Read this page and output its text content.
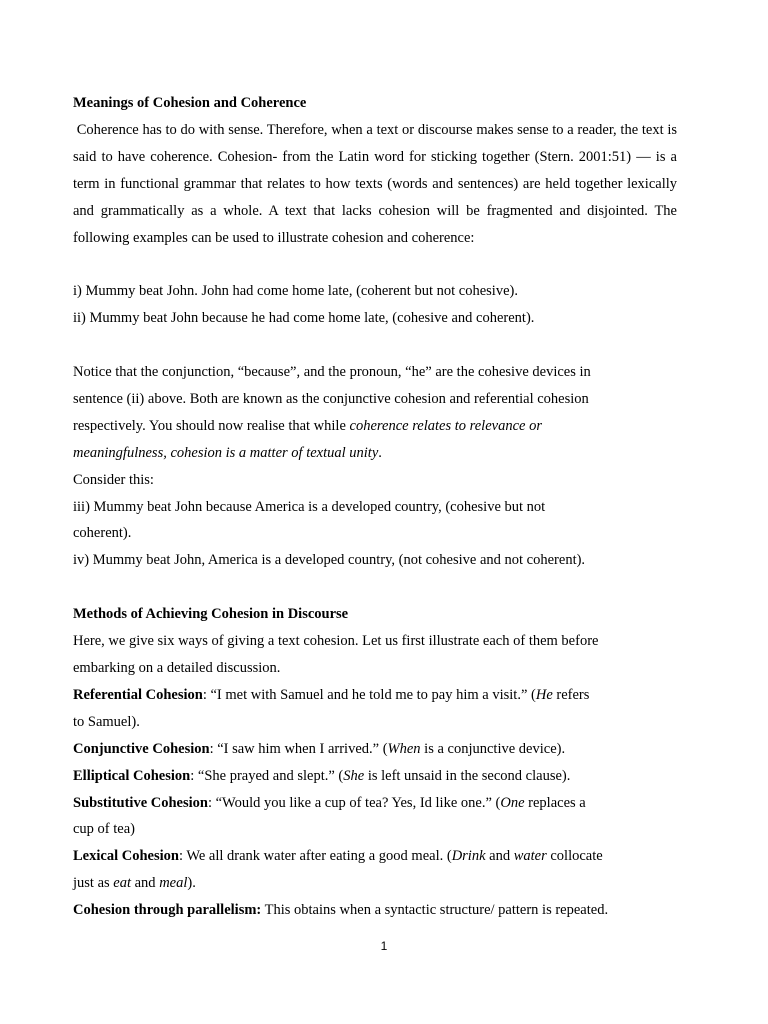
Meanings of Cohesion and Coherence

Coherence has to do with sense. Therefore, when a text or discourse makes sense to a reader, the text is said to have coherence. Cohesion- from the Latin word for sticking together (Stern. 2001:51) — is a term in functional grammar that relates to how texts (words and sentences) are held together lexically and grammatically as a whole. A text that lacks cohesion will be fragmented and disjointed. The following examples can be used to illustrate cohesion and coherence:

i) Mummy beat John. John had come home late, (coherent but not cohesive).

ii) Mummy beat John because he had come home late, (cohesive and coherent).

Notice that the conjunction, “because”, and the pronoun, “he” are the cohesive devices in

sentence (ii) above. Both are known as the conjunctive cohesion and referential cohesion

respectively. You should now realise that while coherence relates to relevance or

meaningfulness, cohesion is a matter of textual unity.

Consider this:

iii) Mummy beat John because America is a developed country, (cohesive but not

coherent).

iv) Mummy beat John, America is a developed country, (not cohesive and not coherent).

Methods of Achieving Cohesion in Discourse

Here, we give six ways of giving a text cohesion. Let us first illustrate each of them before

embarking on a detailed discussion.

Referential Cohesion: “I met with Samuel and he told me to pay him a visit.” (He refers

to Samuel).

Conjunctive Cohesion: “I saw him when I arrived.” (When is a conjunctive device).

Elliptical Cohesion: “She prayed and slept.” (She is left unsaid in the second clause).

Substitutive Cohesion: “Would you like a cup of tea? Yes, Id like one.” (One replaces a

cup of tea)

Lexical Cohesion: We all drank water after eating a good meal. (Drink and water collocate

just as eat and meal).

Cohesion through parallelism: This obtains when a syntactic structure/ pattern is repeated.

1
